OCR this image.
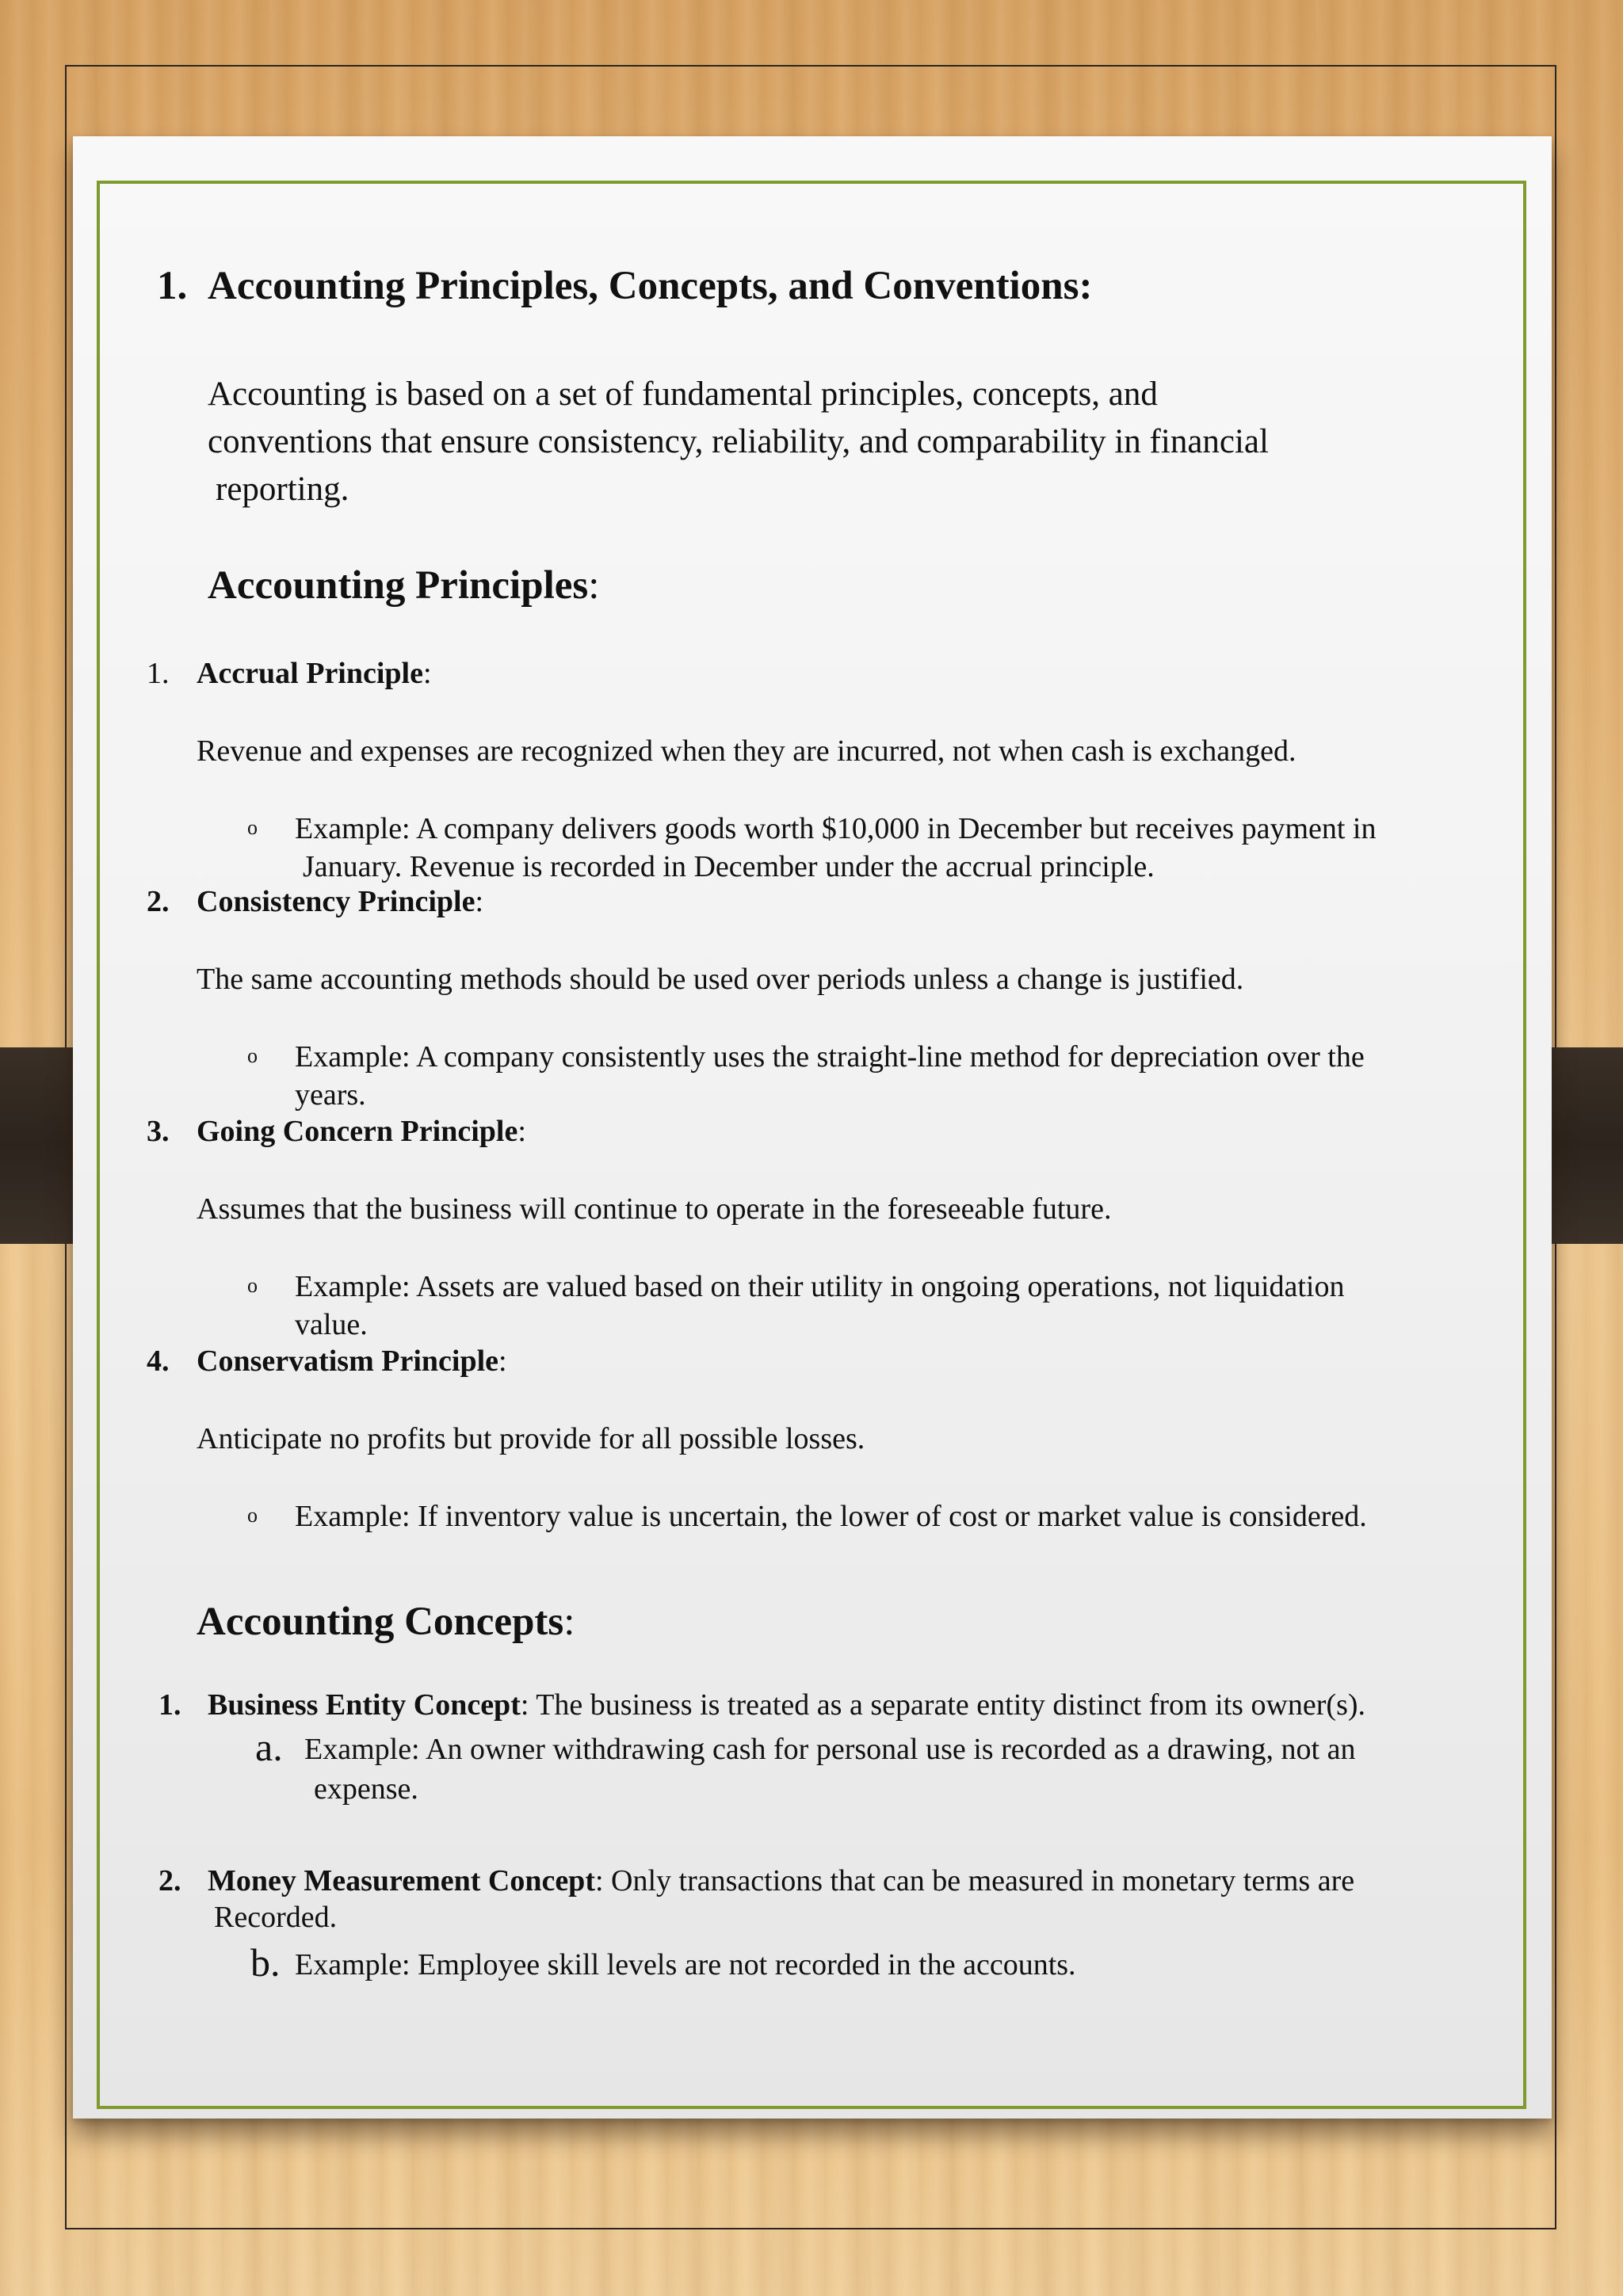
1. Accounting Principles, Concepts, and Conventions:
Accounting is based on a set of fundamental principles, concepts, and
conventions that ensure consistency, reliability, and comparability in financial
reporting.
Accounting Principles:
1. Accrual Principle:
Revenue and expenses are recognized when they are incurred, not when cash is exchanged.
o Example: A company delivers goods worth $10,000 in December but receives payment in
January. Revenue is recorded in December under the accrual principle.
2. Consistency Principle:
The same accounting methods should be used over periods unless a change is justified.
o Example: A company consistently uses the straight-line method for depreciation over the
years.
3. Going Concern Principle:
Assumes that the business will continue to operate in the foreseeable future.
o Example: Assets are valued based on their utility in ongoing operations, not liquidation
value.
4. Conservatism Principle:
Anticipate no profits but provide for all possible losses.
o Example: If inventory value is uncertain, the lower of cost or market value is considered.
Accounting Concepts:
1. Business Entity Concept: The business is treated as a separate entity distinct from its owner(s).
a. Example: An owner withdrawing cash for personal use is recorded as a drawing, not an
expense.
2. Money Measurement Concept: Only transactions that can be measured in monetary terms are
Recorded.
b. Example: Employee skill levels are not recorded in the accounts.
